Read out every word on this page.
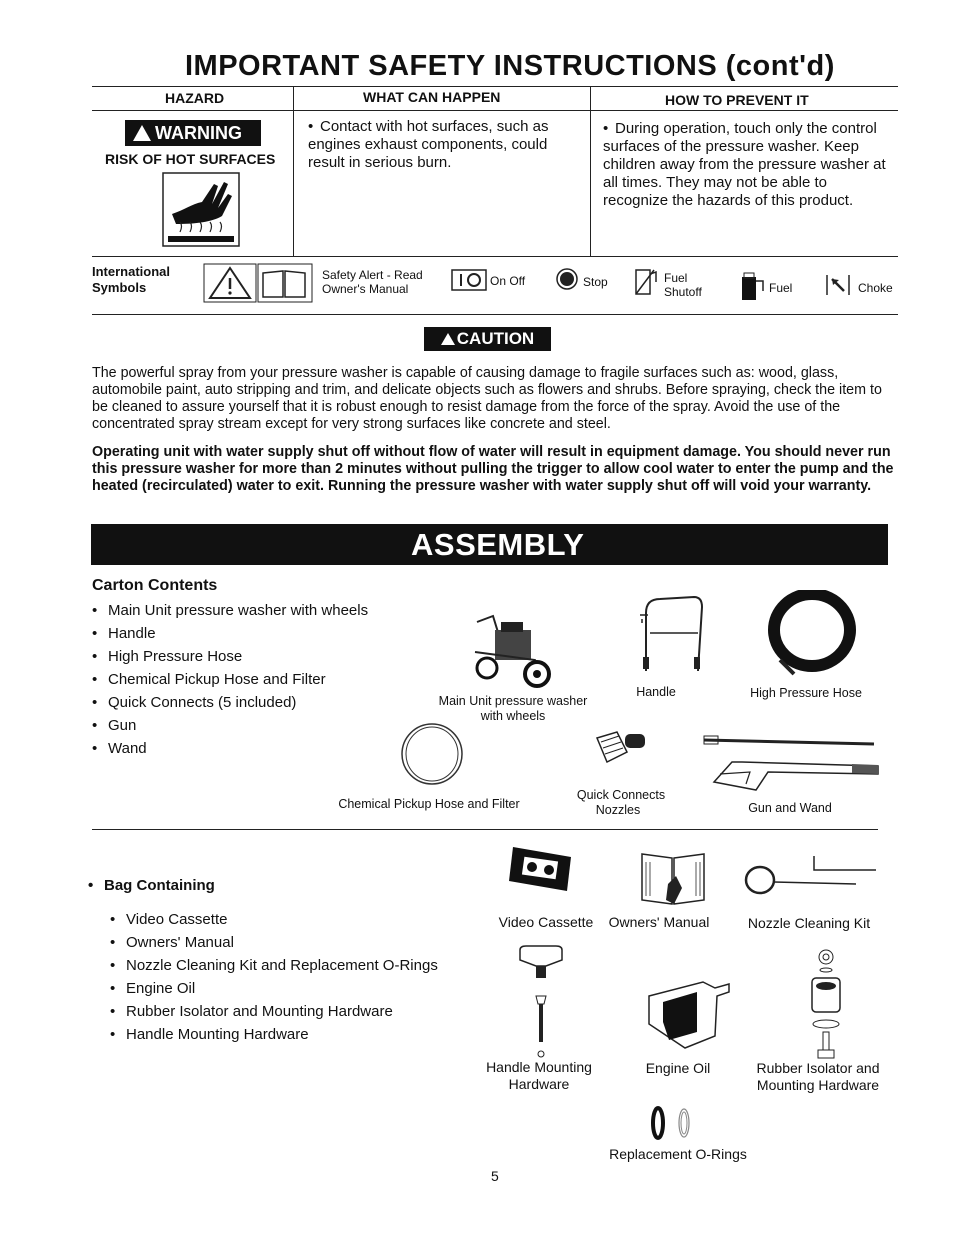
IMPORTANT SAFETY INSTRUCTIONS (cont'd)
HAZARD	WHAT CAN HAPPEN	HOW TO PREVENT IT
WARNING
RISK OF HOT SURFACES
• Contact with hot surfaces, such as engines exhaust components, could result in serious burn.
• During operation, touch only the control surfaces of the pressure washer. Keep children away from the pressure washer at all times. They may not be able to recognize the hazards of this product.
International
Symbols
Safety Alert - Read
Owner's Manual
On Off	Stop	Fuel
Shutoff	Fuel	Choke
CAUTION
The powerful spray from your pressure washer is capable of causing damage to fragile surfaces such as: wood, glass, automobile paint, auto stripping and trim, and delicate objects such as flowers and shrubs. Before spraying, check the item to be cleaned to assure yourself that it is robust enough to resist damage from the force of the spray. Avoid the use of the concentrated spray stream except for very strong surfaces like concrete and steel.
Operating unit with water supply shut off without flow of water will result in equipment damage. You should never run this pressure washer for more than 2 minutes without pulling the trigger to allow cool water to enter the pump and the heated (recirculated) water to exit. Running the pressure washer with water supply shut off will void your warranty.
ASSEMBLY
Carton Contents
• Main Unit pressure washer with wheels
• Handle
• High Pressure Hose
• Chemical Pickup Hose and Filter
• Quick Connects (5 included)
• Gun
• Wand
Main Unit pressure washer
with wheels
Handle	High Pressure Hose
Chemical Pickup Hose and Filter
Quick Connects
Nozzles	Gun and Wand
• Bag Containing
• Video Cassette
• Owners' Manual
• Nozzle Cleaning Kit and Replacement O-Rings
• Engine Oil
• Rubber Isolator and Mounting Hardware
• Handle Mounting Hardware
Video Cassette Owners' Manual	Nozzle Cleaning Kit
Handle Mounting
Hardware
Engine Oil	Rubber Isolator and
Mounting Hardware
Replacement O-Rings
5
